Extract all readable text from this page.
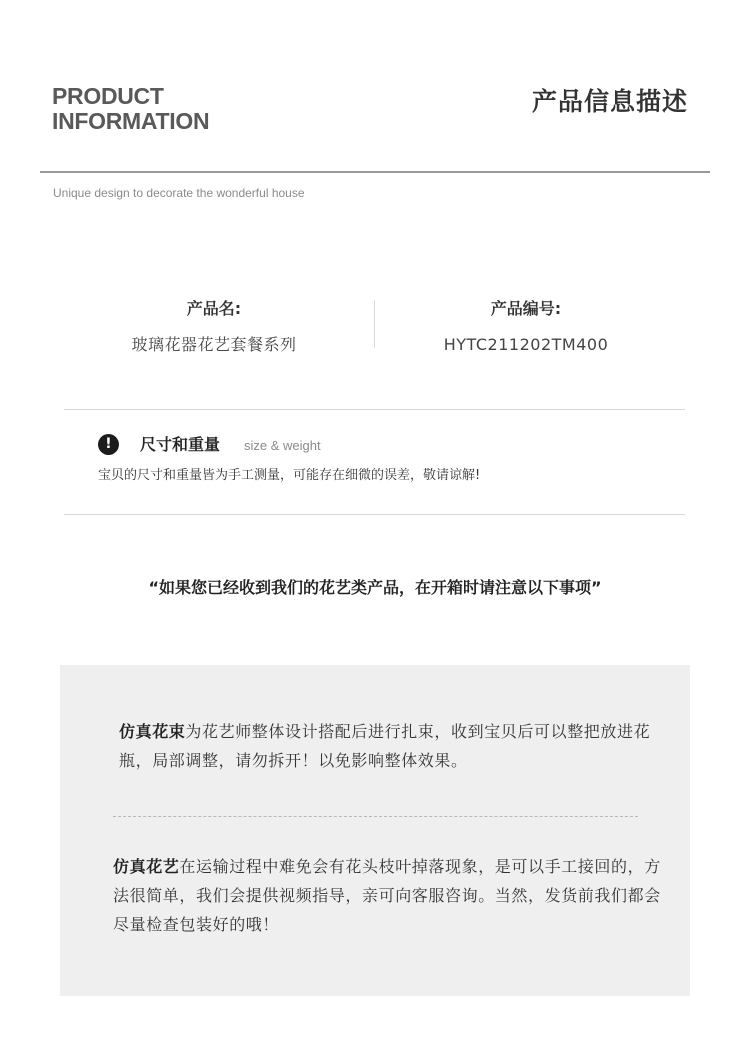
PRODUCT
INFORMATION
产品信息描述
Unique design to decorate the wonderful house
产品名:
玻璃花器花艺套餐系列
产品编号:
HYTC211202TM400
!	尺寸和重量 size & weight
宝贝的尺寸和重量皆为手工测量，可能存在细微的误差，敬请谅解!
“如果您已经收到我们的花艺类产品，在开箱时请注意以下事项”

仿真花束为花艺师整体设计搭配后进行扎束，收到宝贝后可以整把放进花瓶，局部调整，请勿拆开！以免影响整体效果。

仿真花艺在运输过程中难免会有花头枝叶掉落现象，是可以手工接回的，方法很简单，我们会提供视频指导，亲可向客服咨询。当然，发货前我们都会尽量检查包装好的哦！
